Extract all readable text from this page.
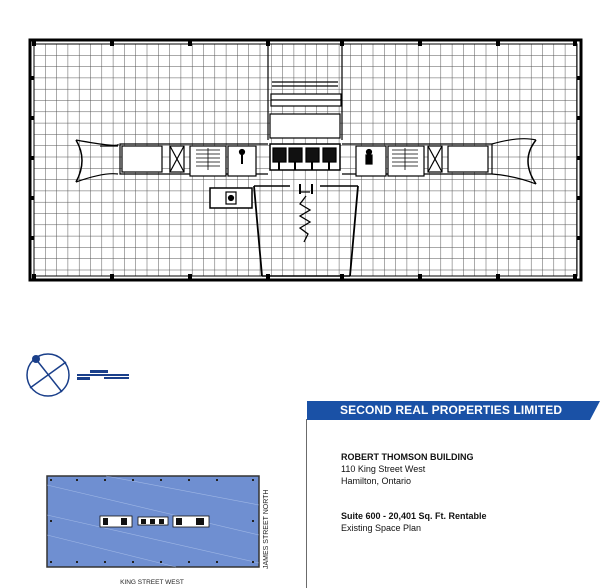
SECOND REAL PROPERTIES LIMITED
ROBERT THOMSON BUILDING
110 King Street West
Hamilton, Ontario
Suite 600 - 20,401 Sq. Ft. Rentable
Existing Space Plan
JAMES STREET NORTH
KING STREET WEST
